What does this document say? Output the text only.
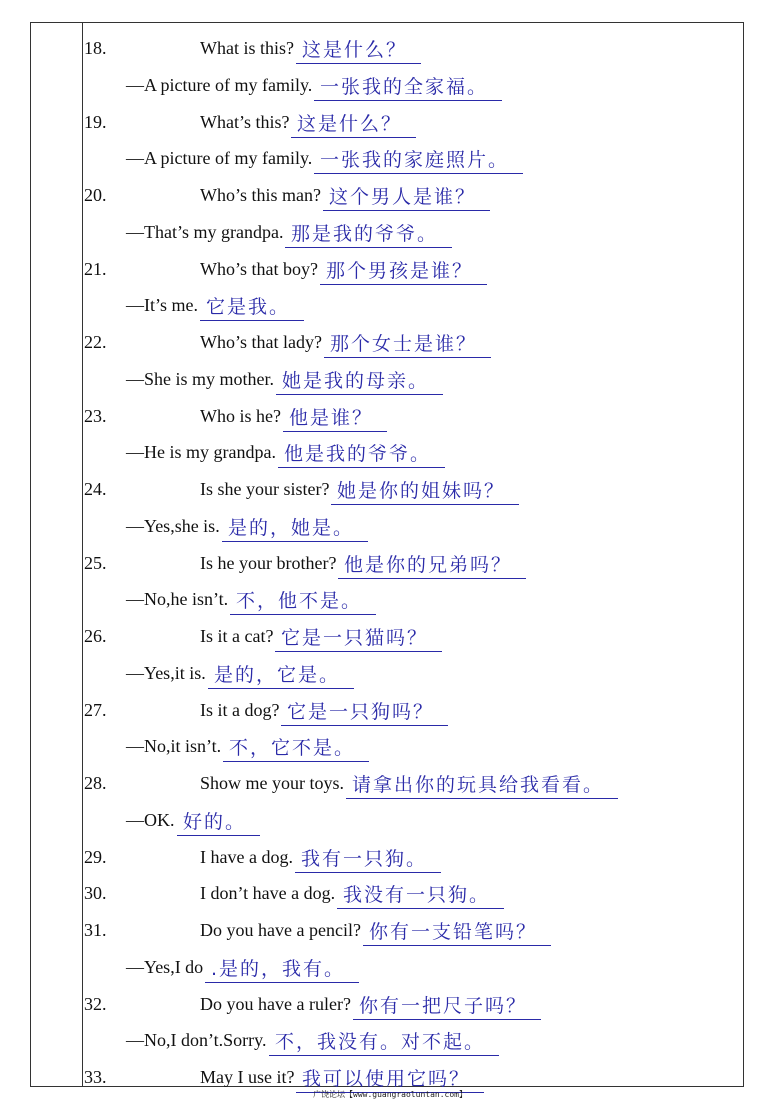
18.	What is this? 这是什么？
—A picture of my family. 一张我的全家福。
19.	What’s this? 这是什么？
—A picture of my family. 一张我的家庭照片。
20.	Who’s this man? 这个男人是谁？
—That’s my grandpa. 那是我的爷爷。
21.	Who’s that boy? 那个男孩是谁？
—It’s me. 它是我。
22.	Who’s that lady? 那个女士是谁？
—She is my mother. 她是我的母亲。
23.	Who is he? 他是谁？
—He is my grandpa. 他是我的爷爷。
24.	Is she your sister? 她是你的姐妹吗？
—Yes,she is. 是的，她是。
25.	Is he your brother? 他是你的兄弟吗？
—No,he isn’t. 不，他不是。
26.	Is it a cat? 它是一只猫吗？
—Yes,it is. 是的，它是。
27.	Is it a dog? 它是一只狗吗？
—No,it isn’t. 不，它不是。
28.	Show me your toys. 请拿出你的玩具给我看看。
—OK. 好的。
29.	I have a dog. 我有一只狗。
30.	I don’t have a dog. 我没有一只狗。
31.	Do you have a pencil? 你有一支铅笔吗？
—Yes,I do .是的，我有。
32.	Do you have a ruler? 你有一把尺子吗？
—No,I don’t.Sorry. 不，我没有。对不起。
33.	May I use it? 我可以使用它吗？
广饶论坛【www.guangraoluntan.com】
